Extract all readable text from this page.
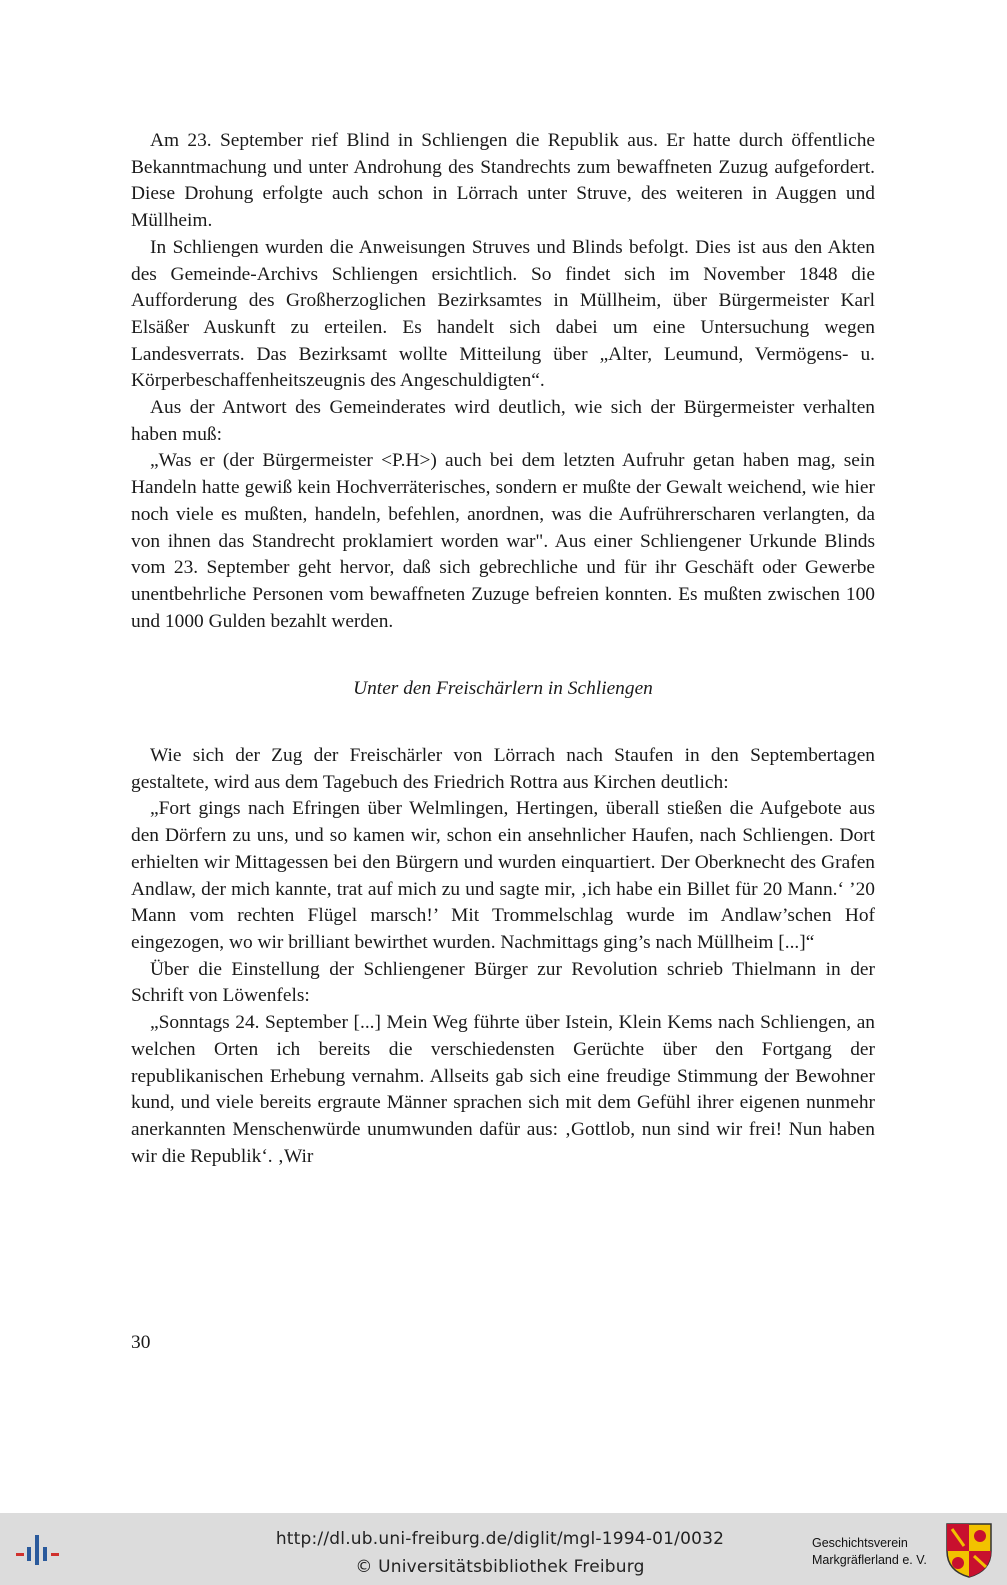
Am 23. September rief Blind in Schliengen die Republik aus. Er hatte durch öffentliche Bekanntmachung und unter Androhung des Standrechts zum bewaffneten Zuzug aufgefordert. Diese Drohung erfolgte auch schon in Lörrach unter Struve, des weiteren in Auggen und Müllheim.

In Schliengen wurden die Anweisungen Struves und Blinds befolgt. Dies ist aus den Akten des Gemeinde-Archivs Schliengen ersichtlich. So findet sich im November 1848 die Aufforderung des Großherzoglichen Bezirksamtes in Müllheim, über Bürgermeister Karl Elsäßer Auskunft zu erteilen. Es handelt sich dabei um eine Untersuchung wegen Landesverrats. Das Bezirksamt wollte Mitteilung über „Alter, Leumund, Vermögens- u. Körperbeschaffenheitszeugnis des Angeschuldigten“.

Aus der Antwort des Gemeinderates wird deutlich, wie sich der Bürgermeister verhalten haben muß:

„Was er (der Bürgermeister <P.H>) auch bei dem letzten Aufruhr getan haben mag, sein Handeln hatte gewiß kein Hochverräterisches, sondern er mußte der Gewalt weichend, wie hier noch viele es mußten, handeln, befehlen, anordnen, was die Aufrührerscharen verlangten, da von ihnen das Standrecht proklamiert worden war". Aus einer Schliengener Urkunde Blinds vom 23. September geht hervor, daß sich gebrechliche und für ihr Geschäft oder Gewerbe unentbehrliche Personen vom bewaffneten Zuzuge befreien konnten. Es mußten zwischen 100 und 1000 Gulden bezahlt werden.

Unter den Freischärlern in Schliengen

Wie sich der Zug der Freischärler von Lörrach nach Staufen in den Septembertagen gestaltete, wird aus dem Tagebuch des Friedrich Rottra aus Kirchen deutlich:

„Fort gings nach Efringen über Welmlingen, Hertingen, überall stießen die Aufgebote aus den Dörfern zu uns, und so kamen wir, schon ein ansehnlicher Haufen, nach Schliengen. Dort erhielten wir Mittagessen bei den Bürgern und wurden einquartiert. Der Oberknecht des Grafen Andlaw, der mich kannte, trat auf mich zu und sagte mir, ‚ich habe ein Billet für 20 Mann.‘ ’20 Mann vom rechten Flügel marsch!’ Mit Trommelschlag wurde im Andlaw’schen Hof eingezogen, wo wir brilliant bewirthet wurden. Nachmittags ging’s nach Müllheim [...]“

Über die Einstellung der Schliengener Bürger zur Revolution schrieb Thielmann in der Schrift von Löwenfels:

„Sonntags 24. September [...] Mein Weg führte über Istein, Klein Kems nach Schliengen, an welchen Orten ich bereits die verschiedensten Gerüchte über den Fortgang der republikanischen Erhebung vernahm. Allseits gab sich eine freudige Stimmung der Bewohner kund, und viele bereits ergraute Männer sprachen sich mit dem Gefühl ihrer eigenen nunmehr anerkannten Menschenwürde unumwunden dafür aus: ‚Gottlob, nun sind wir frei! Nun haben wir die Republik‘. ‚Wir

30
http://dl.ub.uni-freiburg.de/diglit/mgl-1994-01/0032
© Universitätsbibliothek Freiburg
Geschichtsverein
Markgräflerland e. V.
